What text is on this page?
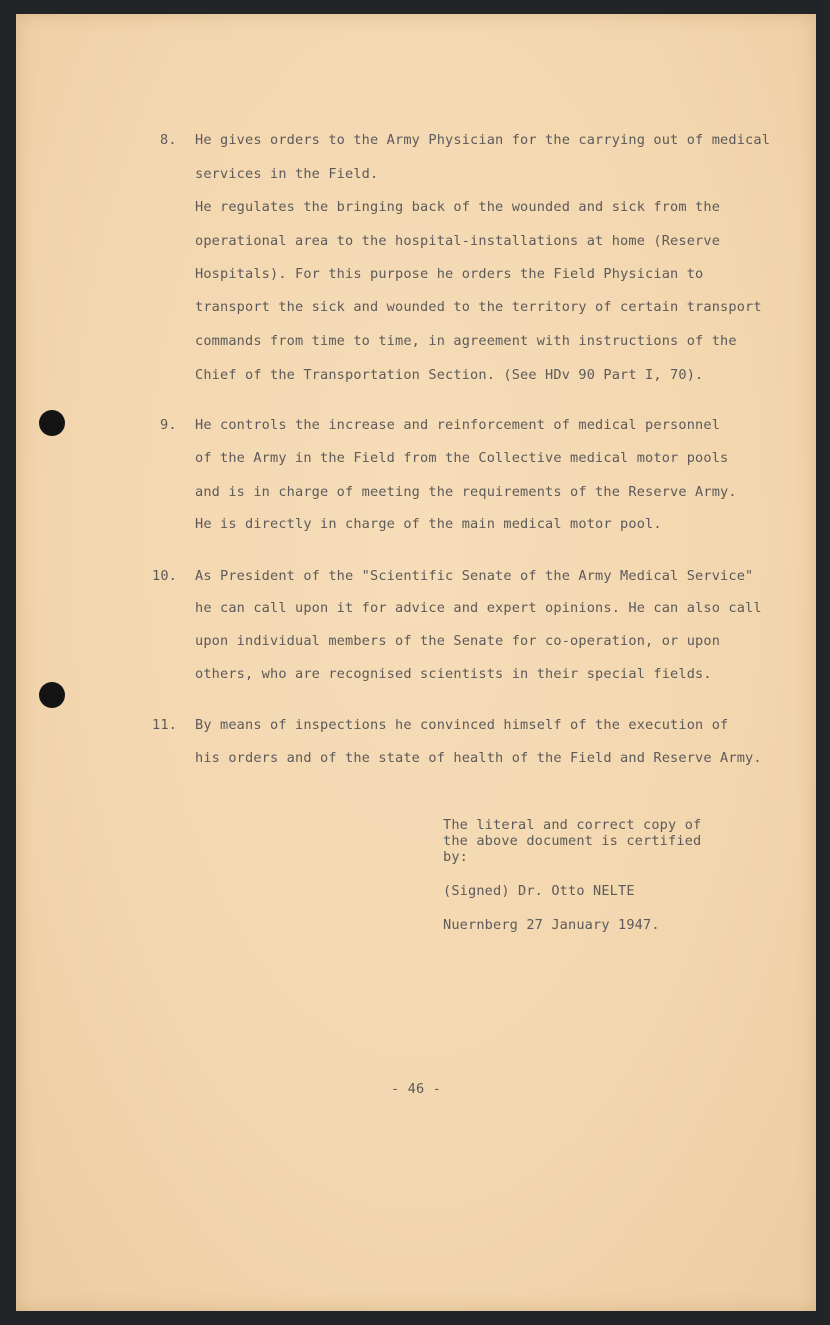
8. He gives orders to the Army Physician for the carrying out of medical
services in the Field.
He regulates the bringing back of the wounded and sick from the
operational area to the hospital-installations at home (Reserve
Hospitals). For this purpose he orders the Field Physician to
transport the sick and wounded to the territory of certain transport
commands from time to time, in agreement with instructions of the
Chief of the Transportation Section. (See HDv 90 Part I, 70).
9. He controls the increase and reinforcement of medical personnel
of the Army in the Field from the Collective medical motor pools
and is in charge of meeting the requirements of the Reserve Army.
He is directly in charge of the main medical motor pool.
10. As President of the "Scientific Senate of the Army Medical Service"
he can call upon it for advice and expert opinions. He can also call
upon individual members of the Senate for co-operation, or upon
others, who are recognised scientists in their special fields.
11. By means of inspections he convinced himself of the execution of
his orders and of the state of health of the Field and Reserve Army.
The literal and correct copy of
the above document is certified
by:
(Signed) Dr. Otto NELTE
Nuernberg 27 January 1947.
- 46 -
